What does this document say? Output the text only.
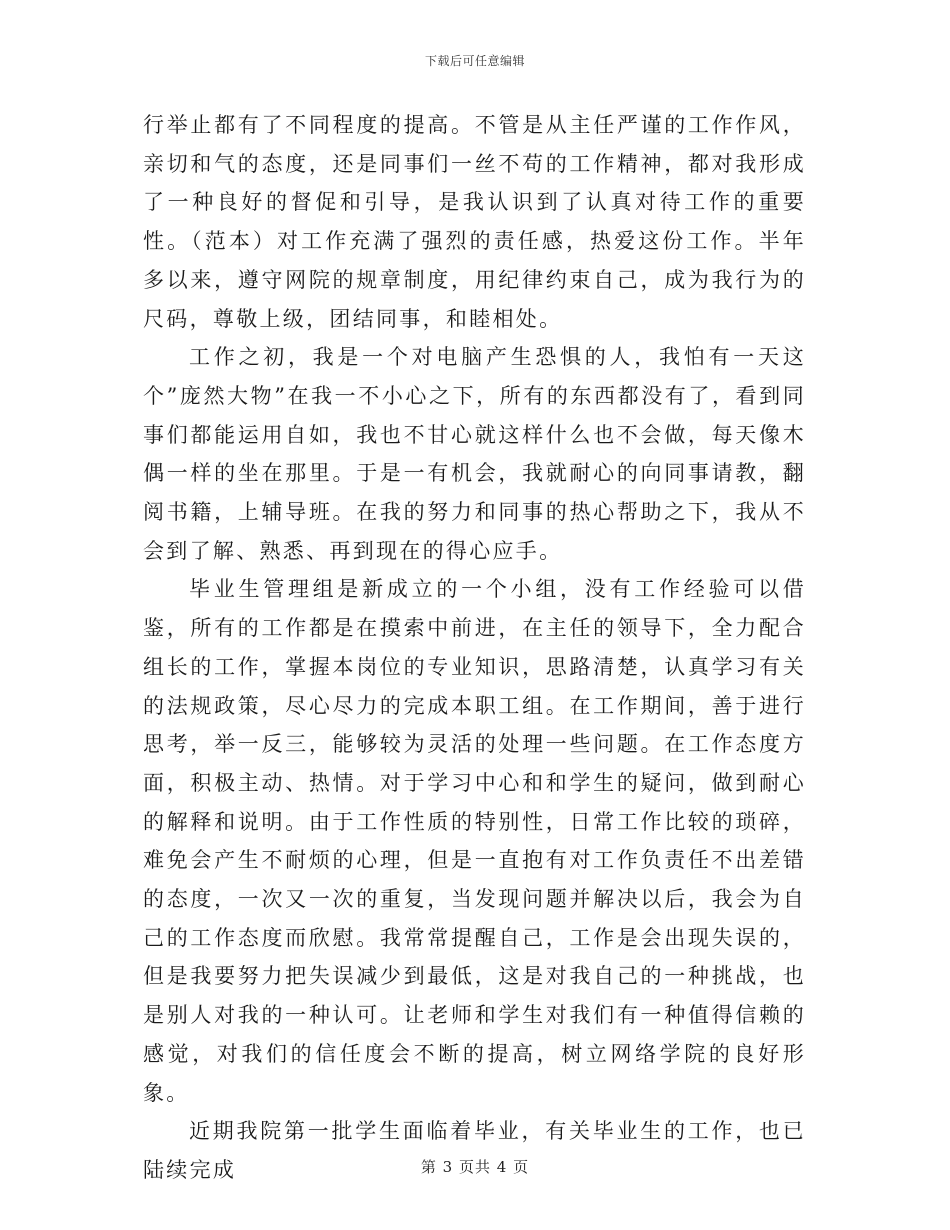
下载后可任意编辑

行举止都有了不同程度的提高。不管是从主任严谨的工作作风，亲切和气的态度，还是同事们一丝不苟的工作精神，都对我形成了一种良好的督促和引导，是我认识到了认真对待工作的重要性。（范本）对工作充满了强烈的责任感，热爱这份工作。半年多以来，遵守网院的规章制度，用纪律约束自己，成为我行为的尺码，尊敬上级，团结同事，和睦相处。

工作之初，我是一个对电脑产生恐惧的人，我怕有一天这个”庞然大物”在我一不小心之下，所有的东西都没有了，看到同事们都能运用自如，我也不甘心就这样什么也不会做，每天像木偶一样的坐在那里。于是一有机会，我就耐心的向同事请教，翻阅书籍，上辅导班。在我的努力和同事的热心帮助之下，我从不会到了解、熟悉、再到现在的得心应手。

毕业生管理组是新成立的一个小组，没有工作经验可以借鉴，所有的工作都是在摸索中前进，在主任的领导下，全力配合组长的工作，掌握本岗位的专业知识，思路清楚，认真学习有关的法规政策，尽心尽力的完成本职工组。在工作期间，善于进行思考，举一反三，能够较为灵活的处理一些问题。在工作态度方面，积极主动、热情。对于学习中心和和学生的疑问，做到耐心的解释和说明。由于工作性质的特别性，日常工作比较的琐碎，难免会产生不耐烦的心理，但是一直抱有对工作负责任不出差错的态度，一次又一次的重复，当发现问题并解决以后，我会为自己的工作态度而欣慰。我常常提醒自己，工作是会出现失误的，但是我要努力把失误减少到最低，这是对我自己的一种挑战，也是别人对我的一种认可。让老师和学生对我们有一种值得信赖的感觉，对我们的信任度会不断的提高，树立网络学院的良好形象。

近期我院第一批学生面临着毕业，有关毕业生的工作，也已陆续完成	第 3 页共 4 页
